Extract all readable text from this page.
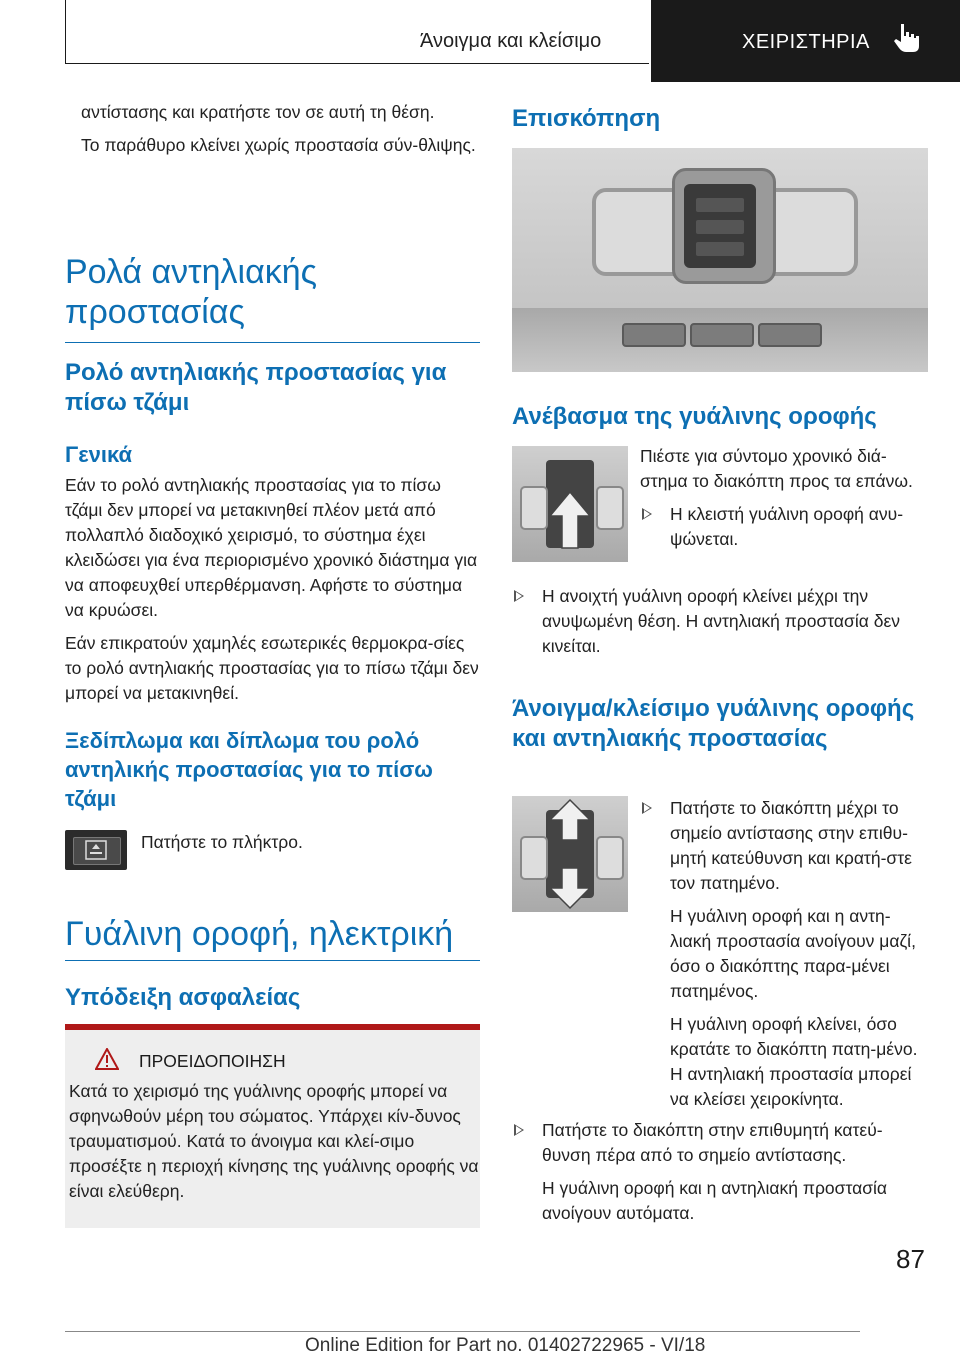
Άνοιγμα και κλείσιμο	ΧΕΙΡΙΣΤΗΡΙΑ

αντίστασης και κρατήστε τον σε αυτή τη θέση.

Το παράθυρο κλείνει χωρίς προστασία σύν-θλιψης.

Ρολά αντηλιακής προστασίας
Ρολό αντηλιακής προστασίας για πίσω τζάμι
Γενικά

Εάν το ρολό αντηλιακής προστασίας για το πίσω τζάμι δεν μπορεί να μετακινηθεί πλέον μετά από πολλαπλό διαδοχικό χειρισμό, το σύστημα έχει κλειδώσει για ένα περιορισμένο χρονικό διάστημα για να αποφευχθεί υπερθέρμανση. Αφήστε το σύστημα να κρυώσει.

Εάν επικρατούν χαμηλές εσωτερικές θερμοκρα-σίες το ρολό αντηλιακής προστασίας για το πίσω τζάμι δεν μπορεί να μετακινηθεί.

Ξεδίπλωμα και δίπλωμα του ρολό αντηλικής προστασίας για το πίσω τζάμι

Πατήστε το πλήκτρο.

Γυάλινη οροφή, ηλεκτρική
Υπόδειξη ασφαλείας
ΠΡΟΕΙΔΟΠΟΙΗΣΗ
Κατά το χειρισμό της γυάλινης οροφής μπορεί να σφηνωθούν μέρη του σώματος. Υπάρχει κίν-δυνος τραυματισμού. Κατά το άνοιγμα και κλεί-σιμο προσέξτε η περιοχή κίνησης της γυάλινης οροφής να είναι ελεύθερη.
Επισκόπηση
Ανέβασμα της γυάλινης οροφής

Πιέστε για σύντομο χρονικό διά-στημα το διακόπτη προς τα επάνω.

Η κλειστή γυάλινη οροφή ανυ-ψώνεται.
Η ανοιχτή γυάλινη οροφή κλείνει μέχρι την ανυψωμένη θέση. Η αντηλιακή προστασία δεν κινείται.
Άνοιγμα/κλείσιμο γυάλινης οροφής και αντηλιακής προστασίας
Πατήστε το διακόπτη μέχρι το σημείο αντίστασης στην επιθυ-μητή κατεύθυνση και κρατή-στε τον πατημένο.

Η γυάλινη οροφή και η αντη-λιακή προστασία ανοίγουν μαζί, όσο ο διακόπτης παρα-μένει πατημένος.

Η γυάλινη οροφή κλείνει, όσο κρατάτε το διακόπτη πατη-μένο. Η αντηλιακή προστασία μπορεί να κλείσει χειροκίνητα.

Πατήστε το διακόπτη στην επιθυμητή κατεύ-θυνση πέρα από το σημείο αντίστασης.

Η γυάλινη οροφή και η αντηλιακή προστασία ανοίγουν αυτόματα.

87
Online Edition for Part no. 01402722965 - VI/18
